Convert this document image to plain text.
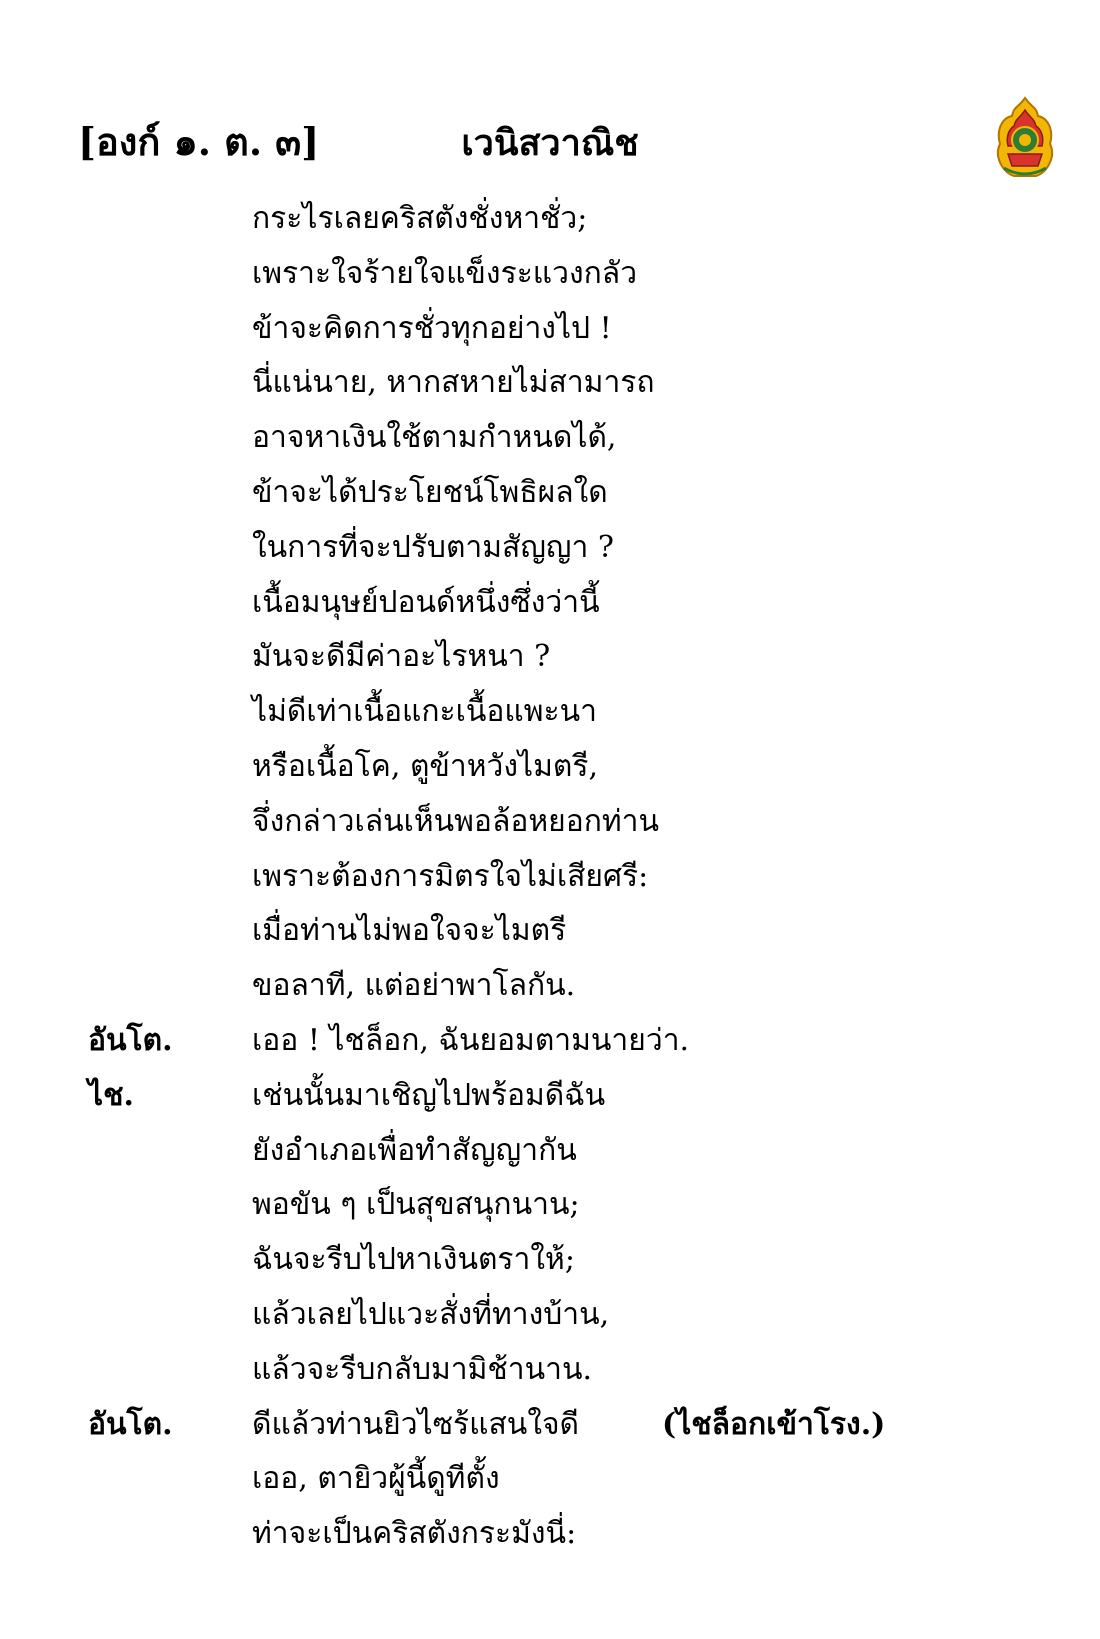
[องก์ ๑. ต. ๓]	เวนิสวาณิช
กระไรเลยคริสตังชั่งหาชั่ว;
เพราะใจร้ายใจแข็งระแวงกลัว
ข้าจะคิดการชั่วทุกอย่างไป !
นี่แน่นาย, หากสหายไม่สามารถ
อาจหาเงินใช้ตามกำหนดได้,
ข้าจะได้ประโยชน์โพธิผลใด
ในการที่จะปรับตามสัญญา ?
เนื้อมนุษย์ปอนด์หนึ่งซึ่งว่านี้
มันจะดีมีค่าอะไรหนา ?
ไม่ดีเท่าเนื้อแกะเนื้อแพะนา
หรือเนื้อโค, ตูข้าหวังไมตรี,
จึ่งกล่าวเล่นเห็นพอล้อหยอกท่าน
เพราะต้องการมิตรใจไม่เสียศรี:
เมื่อท่านไม่พอใจจะไมตรี
ขอลาที, แต่อย่าพาโลกัน.
อันโต.	เออ ! ไชล็อก, ฉันยอมตามนายว่า.
ไช.	เช่นนั้นมาเชิญไปพร้อมดีฉัน
ยังอำเภอเพื่อทำสัญญากัน
พอขัน ๆ เป็นสุขสนุกนาน;
ฉันจะรีบไปหาเงินตราให้;
แล้วเลยไปแวะสั่งที่ทางบ้าน,
แล้วจะรีบกลับมามิช้านาน.
อันโต.	ดีแล้วท่านยิวไซร้แสนใจดี	(ไชล็อกเข้าโรง.)
เออ, ตายิวผู้นี้ดูทีตั้ง
ท่าจะเป็นคริสตังกระมังนี่:
